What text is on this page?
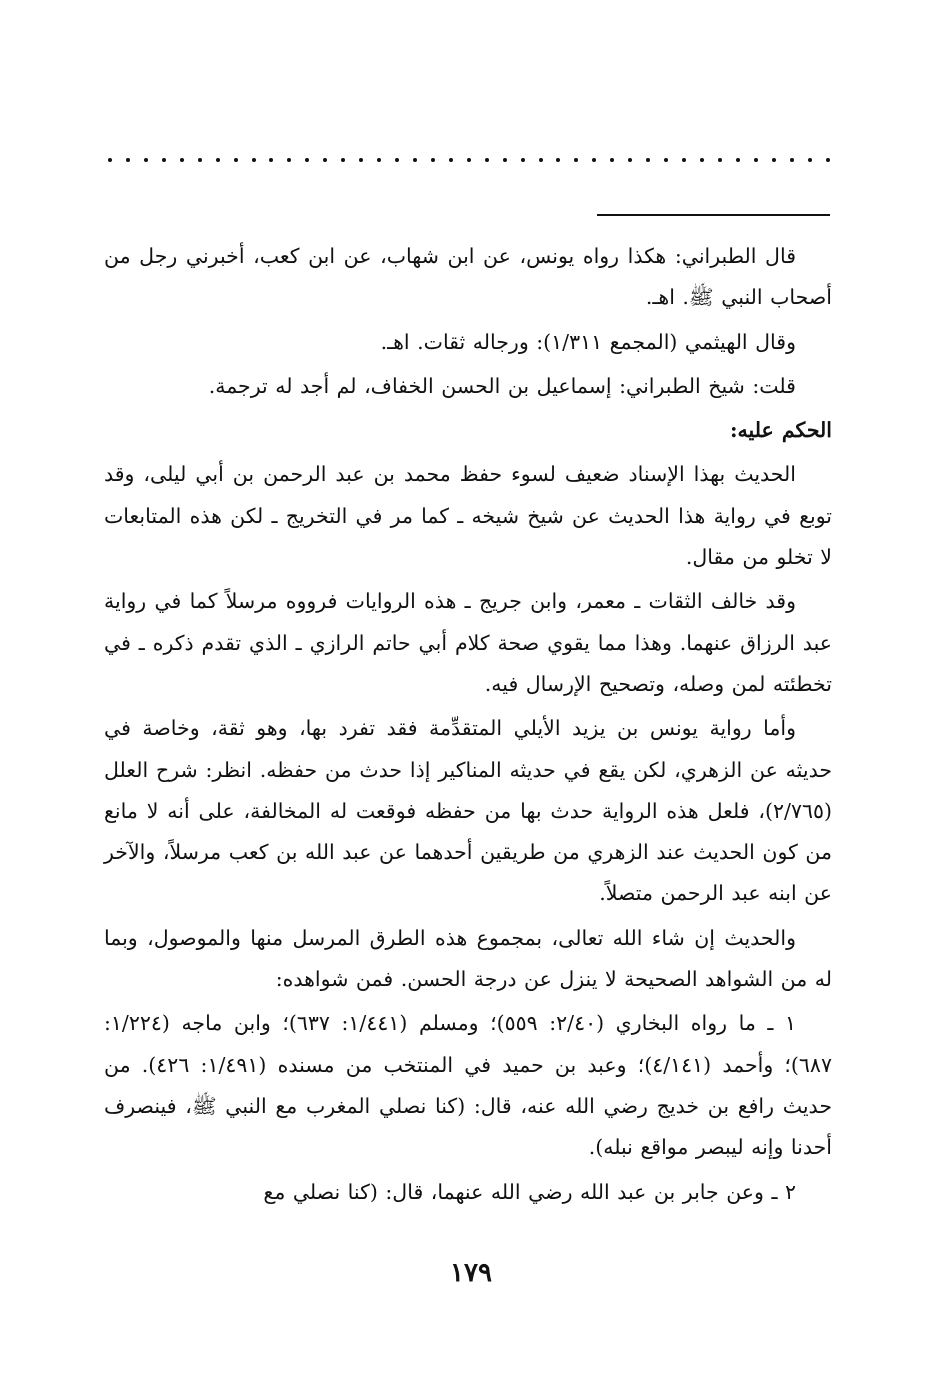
قال الطبراني: هكذا رواه يونس، عن ابن شهاب، عن ابن كعب، أخبرني رجل من أصحاب النبي ﷺ. اهـ.

وقال الهيثمي (المجمع ١/٣١١): ورجاله ثقات. اهـ.

قلت: شيخ الطبراني: إسماعيل بن الحسن الخفاف، لم أجد له ترجمة.

الحكم عليه:

الحديث بهذا الإسناد ضعيف لسوء حفظ محمد بن عبد الرحمن بن أبي ليلى، وقد توبع في رواية هذا الحديث عن شيخ شيخه ـ كما مر في التخريج ـ لكن هذه المتابعات لا تخلو من مقال.

وقد خالف الثقات ـ معمر، وابن جريج ـ هذه الروايات فرووه مرسلاً كما في رواية عبد الرزاق عنهما. وهذا مما يقوي صحة كلام أبي حاتم الرازي ـ الذي تقدم ذكره ـ في تخطئته لمن وصله، وتصحيح الإرسال فيه.

وأما رواية يونس بن يزيد الأيلي المتقدِّمة فقد تفرد بها، وهو ثقة، وخاصة في حديثه عن الزهري، لكن يقع في حديثه المناكير إذا حدث من حفظه. انظر: شرح العلل (٢/٧٦٥)، فلعل هذه الرواية حدث بها من حفظه فوقعت له المخالفة، على أنه لا مانع من كون الحديث عند الزهري من طريقين أحدهما عن عبد الله بن كعب مرسلاً، والآخر عن ابنه عبد الرحمن متصلاً.

والحديث إن شاء الله تعالى، بمجموع هذه الطرق المرسل منها والموصول، وبما له من الشواهد الصحيحة لا ينزل عن درجة الحسن. فمن شواهده:

١ ـ ما رواه البخاري (٢/٤٠: ٥٥٩)؛ ومسلم (١/٤٤١: ٦٣٧)؛ وابن ماجه (١/٢٢٤: ٦٨٧)؛ وأحمد (٤/١٤١)؛ وعبد بن حميد في المنتخب من مسنده (١/٤٩١: ٤٢٦). من حديث رافع بن خديج رضي الله عنه، قال: (كنا نصلي المغرب مع النبي ﷺ، فينصرف أحدنا وإنه ليبصر مواقع نبله).

٢ ـ وعن جابر بن عبد الله رضي الله عنهما، قال: (كنا نصلي مع

١٧٩
